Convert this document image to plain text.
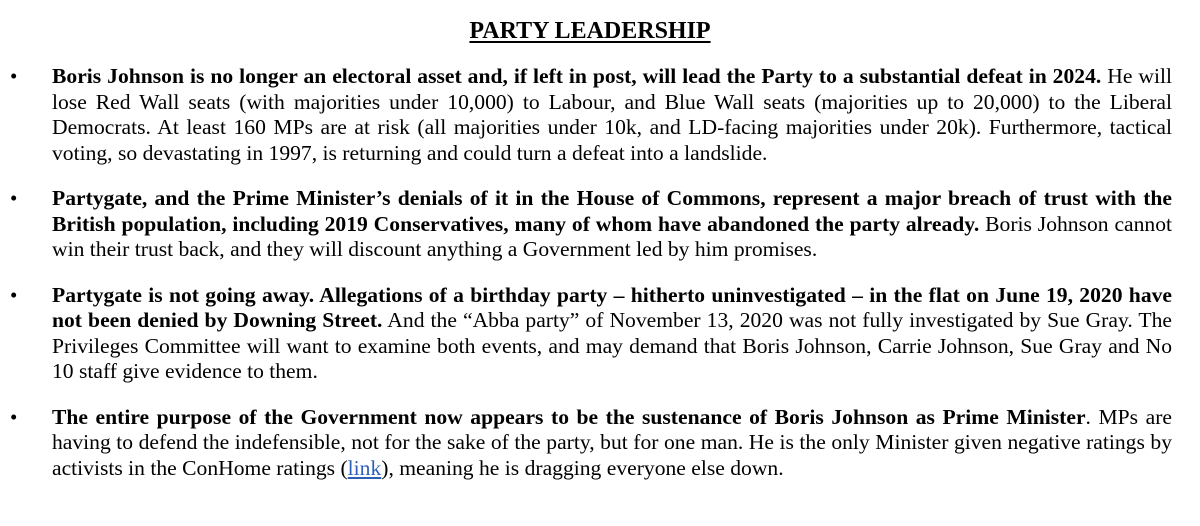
PARTY LEADERSHIP
• Boris Johnson is no longer an electoral asset and, if left in post, will lead the Party to a substantial defeat in 2024. He will lose Red Wall seats (with majorities under 10,000) to Labour, and Blue Wall seats (majorities up to 20,000) to the Liberal Democrats. At least 160 MPs are at risk (all majorities under 10k, and LD-facing majorities under 20k). Furthermore, tactical voting, so devastating in 1997, is returning and could turn a defeat into a landslide.
• Partygate, and the Prime Minister’s denials of it in the House of Commons, represent a major breach of trust with the British population, including 2019 Conservatives, many of whom have abandoned the party already. Boris Johnson cannot win their trust back, and they will discount anything a Government led by him promises.
• Partygate is not going away. Allegations of a birthday party – hitherto uninvestigated – in the flat on June 19, 2020 have not been denied by Downing Street. And the “Abba party” of November 13, 2020 was not fully investigated by Sue Gray. The Privileges Committee will want to examine both events, and may demand that Boris Johnson, Carrie Johnson, Sue Gray and No 10 staff give evidence to them.
• The entire purpose of the Government now appears to be the sustenance of Boris Johnson as Prime Minister. MPs are having to defend the indefensible, not for the sake of the party, but for one man. He is the only Minister given negative ratings by activists in the ConHome ratings (link), meaning he is dragging everyone else down.
